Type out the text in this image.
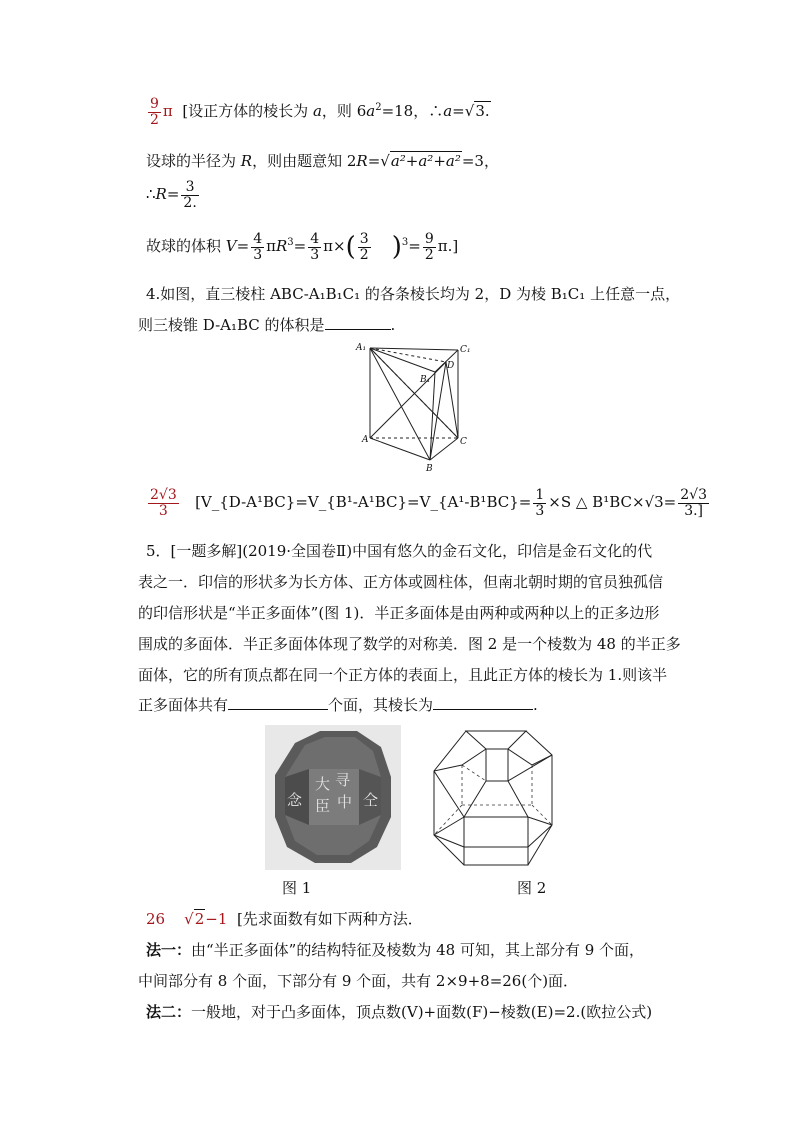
$\frac{9}{2}$ π [设正方体的棱长为 a，则 $6a^2=18$，∴a=√3.
设球的半径为 R，则由题意知 2R=√a²+a²+a²=3，
∴R= $\frac{3}{2.}$
故球的体积 $V= \frac{4}{3} \pi R^3= \frac{4}{3} \pi\times( \frac{3}{2} )^3= \frac{9}{2} \pi$.]
4.如图，直三棱柱 ABC-A₁B₁C₁ 的各条棱长均为 2，D 为棱 B₁C₁ 上任意一点，
则三棱锥 D-A₁BC 的体积是	.
A₁	C₁
B₁
D
A	C
B
$\frac{2√3}{3}$ [V_{D-A¹BC}=V_{B¹-A¹BC}=V_{A¹-B¹BC}= $\frac{1}{3} \times S$ △ $B^1BC\times√3= \frac{2√3}{3.]}$
5．[一题多解](2019·全国卷Ⅱ)中国有悠久的金石文化，印信是金石文化的代
表之一．印信的形状多为长方体、正方体或圆柱体，但南北朝时期的官员独孤信
的印信形状是“半正多面体”(图 1)．半正多面体是由两种或两种以上的正多边形
围成的多面体．半正多面体体现了数学的对称美．图 2 是一个棱数为 48 的半正多
面体，它的所有顶点都在同一个正方体的表面上，且此正方体的棱长为 1.则该半
正多面体共有	个面，其棱长为	.
大 寻
中
念 臣 仝
图 1	图 2
26 √2−1 [先求面数有如下两种方法．
法一：由“半正多面体”的结构特征及棱数为 48 可知，其上部分有 9 个面，
中间部分有 8 个面，下部分有 9 个面，共有 2×9+8=26(个)面．
法二：一般地，对于凸多面体，顶点数(V)+面数(F)−棱数(E)=2.(欧拉公式)
